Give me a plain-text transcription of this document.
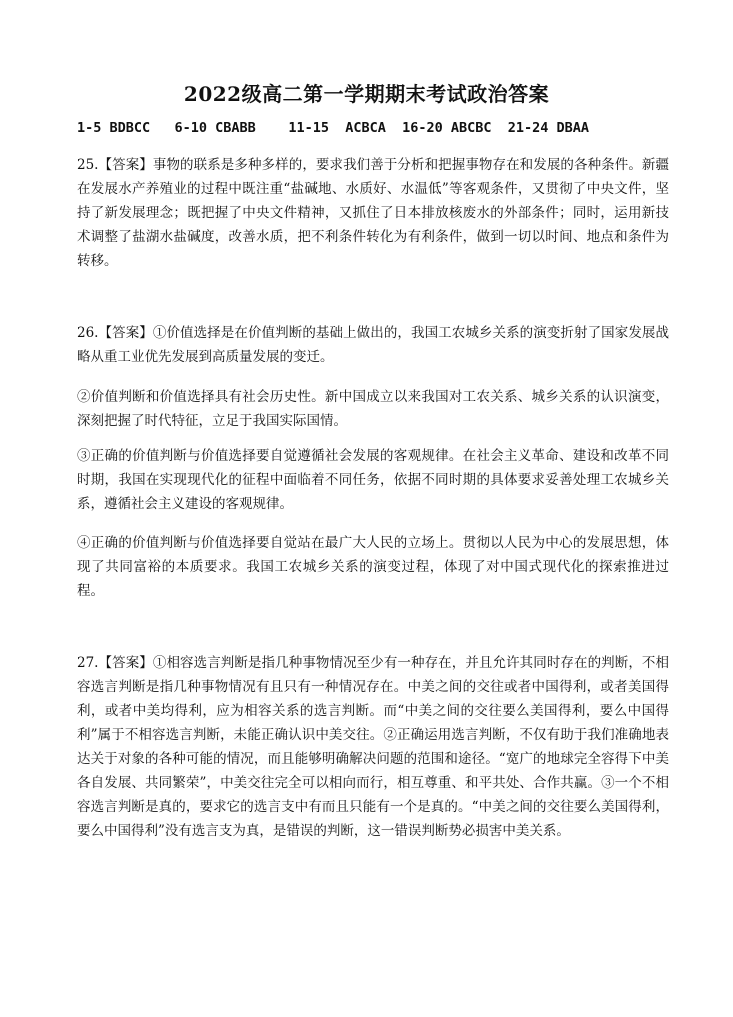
2022级高二第一学期期末考试政治答案
1-5 BDBCC   6-10 CBABB    11-15  ACBCA  16-20 ABCBC  21-24 DBAA

25.【答案】事物的联系是多种多样的，要求我们善于分析和把握事物存在和发展的各种条件。新疆在发展水产养殖业的过程中既注重“盐碱地、水质好、水温低”等客观条件，又贯彻了中央文件，坚持了新发展理念；既把握了中央文件精神，又抓住了日本排放核废水的外部条件；同时，运用新技术调整了盐湖水盐碱度，改善水质，把不利条件转化为有利条件，做到一切以时间、地点和条件为转移。

26.【答案】①价值选择是在价值判断的基础上做出的，我国工农城乡关系的演变折射了国家发展战略从重工业优先发展到高质量发展的变迁。

②价值判断和价值选择具有社会历史性。新中国成立以来我国对工农关系、城乡关系的认识演变，深刻把握了时代特征，立足于我国实际国情。

③正确的价值判断与价值选择要自觉遵循社会发展的客观规律。在社会主义革命、建设和改革不同时期，我国在实现现代化的征程中面临着不同任务，依据不同时期的具体要求妥善处理工农城乡关系，遵循社会主义建设的客观规律。

④正确的价值判断与价值选择要自觉站在最广大人民的立场上。贯彻以人民为中心的发展思想，体现了共同富裕的本质要求。我国工农城乡关系的演变过程，体现了对中国式现代化的探索推进过程。

27.【答案】①相容选言判断是指几种事物情况至少有一种存在，并且允许其同时存在的判断，不相容选言判断是指几种事物情况有且只有一种情况存在。中美之间的交往或者中国得利，或者美国得利，或者中美均得利，应为相容关系的选言判断。而“中美之间的交往要么美国得利，要么中国得利”属于不相容选言判断，未能正确认识中美交往。②正确运用选言判断，不仅有助于我们准确地表达关于对象的各种可能的情况，而且能够明确解决问题的范围和途径。“宽广的地球完全容得下中美各自发展、共同繁荣”，中美交往完全可以相向而行，相互尊重、和平共处、合作共赢。③一个不相容选言判断是真的，要求它的选言支中有而且只能有一个是真的。“中美之间的交往要么美国得利，要么中国得利”没有选言支为真，是错误的判断，这一错误判断势必损害中美关系。
